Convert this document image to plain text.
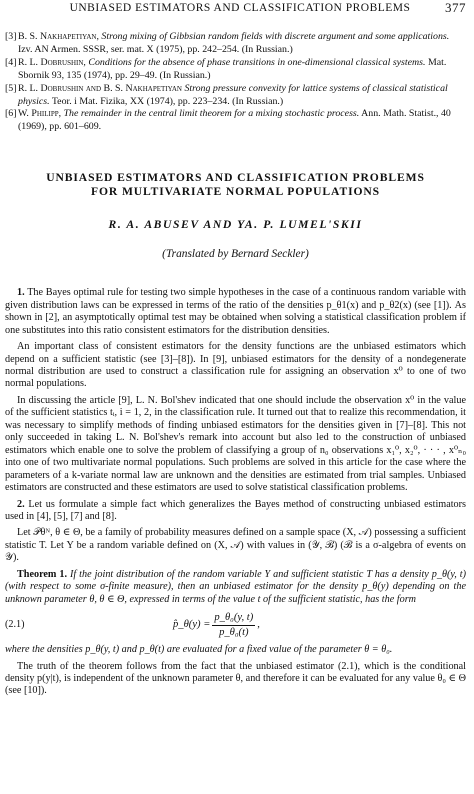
UNBIASED ESTIMATORS AND CLASSIFICATION PROBLEMS	377
[3] B. S. Nakhapetiyan, Strong mixing of Gibbsian random fields with discrete argument and some applications. Izv. AN Armen. SSSR, ser. mat. X (1975), pp. 242–254. (In Russian.)
[4] R. L. Dobrushin, Conditions for the absence of phase transitions in one-dimensional classical systems. Mat. Sbornik 93, 135 (1974), pp. 29–49. (In Russian.)
[5] R. L. Dobrushin and B. S. Nakhapetiyan Strong pressure convexity for lattice systems of classical statistical physics. Teor. i Mat. Fizika, XX (1974), pp. 223–234. (In Russian.)
[6] W. Philipp, The remainder in the central limit theorem for a mixing stochastic process. Ann. Math. Statist., 40 (1969), pp. 601–609.
UNBIASED ESTIMATORS AND CLASSIFICATION PROBLEMS
FOR MULTIVARIATE NORMAL POPULATIONS
R. A. ABUSEV AND YA. P. LUMEL'SKII
(Translated by Bernard Seckler)

1. The Bayes optimal rule for testing two simple hypotheses in the case of a continuous random variable with given distribution laws can be expressed in terms of the ratio of the densities p_θ1(x) and p_θ2(x) (see [1]). As shown in [2], an asymptotically optimal test may be obtained when solving a statistical classification problem if one substitutes into this ratio consistent estimators for the distribution densities.

An important class of consistent estimators for the density functions are the unbiased estimators which depend on a sufficient statistic (see [3]–[8]). In [9], unbiased estimators for the density of a nondegenerate normal distribution are used to construct a classification rule for assigning an observation x⁰ to one of two normal populations.

In discussing the article [9], L. N. Bol'shev indicated that one should include the observation x⁰ in the value of the sufficient statistics tᵢ, i = 1, 2, in the classification rule. It turned out that to realize this recommendation, it was necessary to simplify methods of finding unbiased estimators for the densities given in [7]–[8]. This not only succeeded in taking L. N. Bol'shev's remark into account but also led to the construction of unbiased estimators which enable one to solve the problem of classifying a group of n₀ observations x₁⁰, x₂⁰, · · · , x⁰ₙ₀ into one of two multivariate normal populations. Such problems are solved in this article for the case where the parameters of a k-variate normal law are unknown and the densities are estimated from trial samples. Unbiased estimators are constructed and these estimators are used to solve statistical classification problems.

2. Let us formulate a simple fact which generalizes the Bayes method of constructing unbiased estimators used in [4], [5], [7] and [8].

Let 𝒫θᴺ, θ ∈ Θ, be a family of probability measures defined on a sample space (X, 𝒜) possessing a sufficient statistic T. Let Y be a random variable defined on (X, 𝒜) with values in (𝒴, ℬ) (ℬ is a σ-algebra of events on 𝒴).

Theorem 1. If the joint distribution of the random variable Y and sufficient statistic T has a density p_θ(y, t) (with respect to some σ-finite measure), then an unbiased estimator for the density p_θ(y) depending on the unknown parameter θ, θ ∈ Θ, expressed in terms of the value t of the sufficient statistic, has the form

(2.1)	p̂_θ(y) = $\frac{\text{p\_θ₀(y, t)}}{\text{p\_θ₀(t)}}$ ,

where the densities p_θ(y, t) and p_θ(t) are evaluated for a fixed value of the parameter θ = θ₀.

The truth of the theorem follows from the fact that the unbiased estimator (2.1), which is the conditional density p(y|t), is independent of the unknown parameter θ, and therefore it can be evaluated for any value θ₀ ∈ Θ (see [10]).
